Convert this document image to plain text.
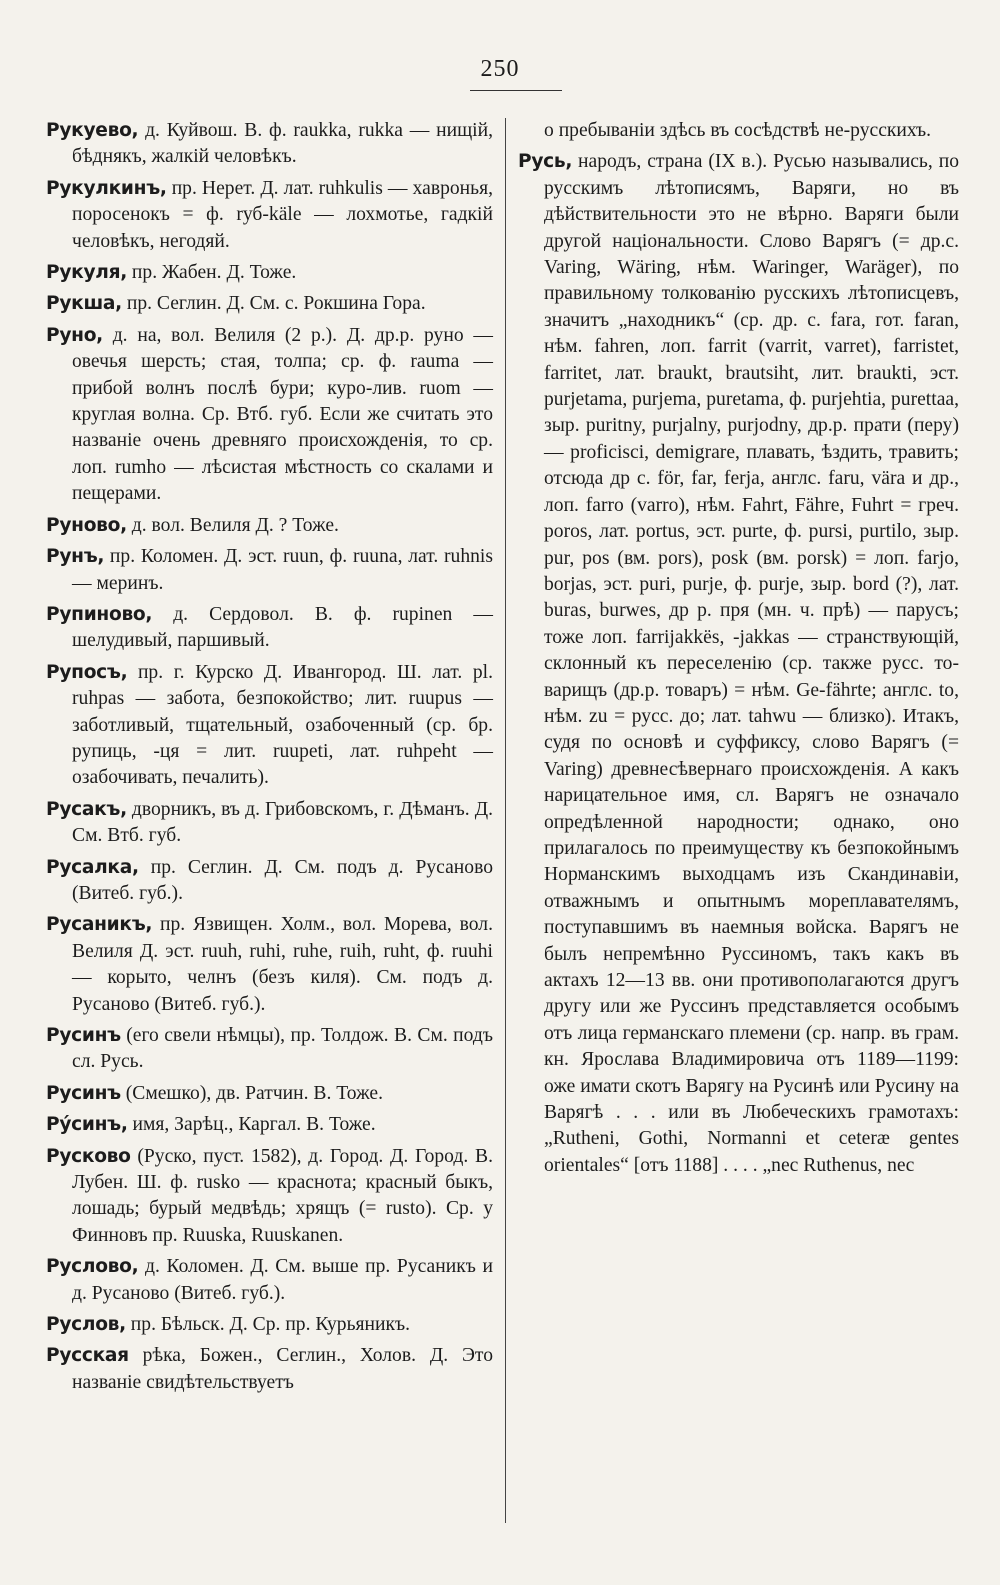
250

Рукуево, д. Куйвош. В. ф. raukka, rukka — нищій, бѣднякъ, жалкій человѣкъ.

Рукулкинъ, пр. Нерет. Д. лат. ruhkulis — хавронья, поросенокъ = ф. rуб-käle — лохмотье, гадкій человѣкъ, негодяй.

Рукуля, пр. Жабен. Д. Тоже.

Рукша, пр. Сеглин. Д. См. с. Рокшина Гора.

Руно, д. на, вол. Велиля (2 р.). Д. др.р. руно — овечья шерсть; стая, толпа; ср. ф. rauma — прибой волнъ послѣ бури; куро-лив. ruom — круглая волна. Ср. Втб. губ. Если же считать это названіе очень древняго происхожденія, то ср. лоп. rumho — лѣсистая мѣстность со скалами и пещерами.

Руново, д. вол. Велиля Д. ? Тоже.

Рунъ, пр. Коломен. Д. эст. ruun, ф. ruuna, лат. ruhnis — меринъ.

Рупиново, д. Сердовол. В. ф. rupinen — шелудивый, паршивый.

Рупосъ, пр. г. Курско Д. Ивангород. Ш. лат. pl. ruhpas — забота, безпокойство; лит. ruupus — заботливый, тщательный, озабоченный (ср. бр. рупиць, -ця = лит. ruupeti, лат. ruhpeht — озабочивать, печалить).

Русакъ, дворникъ, въ д. Грибовскомъ, г. Дѣманъ. Д. См. Втб. губ.

Русалка, пр. Сеглин. Д. См. подъ д. Русаново (Витеб. губ.).

Русаникъ, пр. Язвищен. Холм., вол. Морева, вол. Велиля Д. эст. ruuh, ruhi, ruhe, ruih, ruht, ф. ruuhi — корыто, челнъ (безъ киля). См. подъ д. Русаново (Витеб. губ.).

Русинъ (его свели нѣмцы), пр. Толдож. В. См. подъ сл. Русь.

Русинъ (Смешко), дв. Ратчин. В. Тоже.

Ру́синъ, имя, Зарѣц., Каргал. В. Тоже.

Русково (Руско, пуст. 1582), д. Город. Д. Город. В. Лубен. Ш. ф. rusko — краснота; красный быкъ, лошадь; бурый медвѣдь; хрящъ (= rusto). Ср. у Финновъ пр. Ruuska, Ruuskanen.

Руслово, д. Коломен. Д. См. выше пр. Русаникъ и д. Русаново (Витеб. губ.).

Руслов, пр. Бѣльск. Д. Ср. пр. Курьяникъ.

Русская рѣка, Божен., Сеглин., Холов. Д. Это названіе свидѣтельствуетъ

о пребываніи здѣсь въ сосѣдствѣ не-русскихъ.

Русь, народъ, страна (IX в.). Русью назывались, по русскимъ лѣтописямъ, Варяги, но въ дѣйствительности это не вѣрно. Варяги были другой національности. Слово Варягъ (= др.с. Varing, Wäring, нѣм. Waringer, Waräger), по правильному толкованію русскихъ лѣтописцевъ, значитъ „находникъ“ (ср. др. с. fara, гот. faran, нѣм. fahren, лоп. farrit (varrit, varret), farristet, farritet, лат. braukt, brautsiht, лит. braukti, эст. purjetama, purjema, puretama, ф. purjehtia, purettaa, зыр. puritny, purjalny, purjodny, др.р. прати (перу) — proficisci, demigrare, плавать, ѣздить, травить; отсюда др с. för, far, ferja, англс. faru, vära и др., лоп. farro (varro), нѣм. Fahrt, Fähre, Fuhrt = греч. poros, лат. portus, эст. purte, ф. pursi, purtilo, зыр. pur, pos (вм. pors), posk (вм. porsk) = лоп. farjo, borjas, эст. puri, purje, ф. purje, зыр. bord (?), лат. buras, burwes, др р. пря (мн. ч. прѣ) — парусъ; тоже лоп. farrijakkës, -jakkas — странствующій, склонный къ переселенію (ср. также русс. то-варищъ (др.р. товаръ) = нѣм. Ge-fährte; англс. to, нѣм. zu = русс. до; лат. tahwu — близко). Итакъ, судя по основѣ и суффиксу, слово Варягъ (= Varing) древнесѣвернаго происхожденія. А какъ нарицательное имя, сл. Варягъ не означало опредѣленной народности; однако, оно прилагалось по преимуществу къ безпокойнымъ Норманскимъ выходцамъ изъ Скандинавіи, отважнымъ и опытнымъ мореплавателямъ, поступавшимъ въ наемныя войска. Варягъ не былъ непремѣнно Руссиномъ, такъ какъ въ актахъ 12—13 вв. они противополагаются другъ другу или же Руссинъ представляется особымъ отъ лица германскаго племени (ср. напр. въ грам. кн. Ярослава Владимировича отъ 1189—1199: оже имати скотъ Варягу на Русинѣ или Русину на Варягѣ . . . или въ Любеческихъ грамотахъ: „Rutheni, Gothi, Normanni et ceteræ gentes orientales“ [отъ 1188] . . . . „nec Ruthenus, nec
